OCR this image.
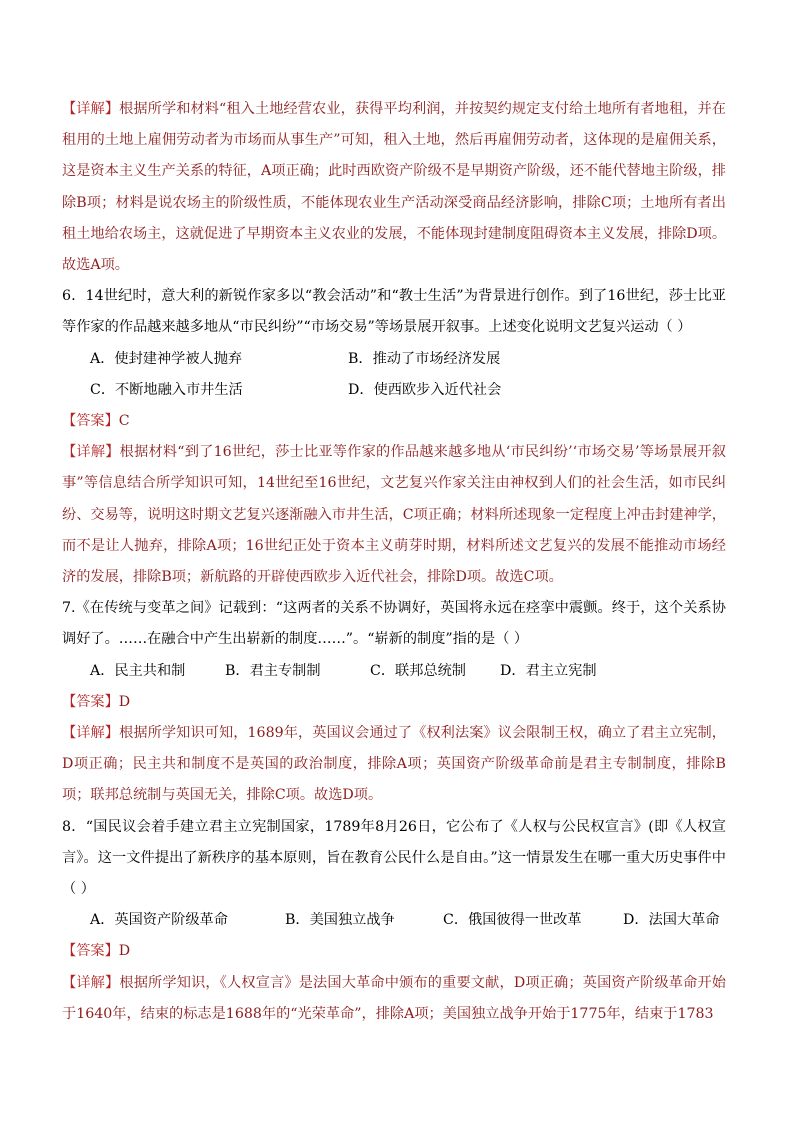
【详解】根据所学和材料“租入土地经营农业，获得平均利润，并按契约规定支付给土地所有者地租，并在租用的土地上雇佣劳动者为市场而从事生产”可知，租入土地，然后再雇佣劳动者，这体现的是雇佣关系，这是资本主义生产关系的特征，A项正确；此时西欧资产阶级不是早期资产阶级，还不能代替地主阶级，排除B项；材料是说农场主的阶级性质，不能体现农业生产活动深受商品经济影响，排除C项；土地所有者出租土地给农场主，这就促进了早期资本主义农业的发展，不能体现封建制度阻碍资本主义发展，排除D项。故选A项。

6．14世纪时，意大利的新锐作家多以“教会活动”和“教士生活”为背景进行创作。到了16世纪，莎士比亚等作家的作品越来越多地从“市民纠纷”“市场交易”等场景展开叙事。上述变化说明文艺复兴运动（ ）

A．使封建神学被人抛弃	B．推动了市场经济发展
C．不断地融入市井生活	D．使西欧步入近代社会

【答案】C

【详解】根据材料“到了16世纪，莎士比亚等作家的作品越来越多地从‘市民纠纷’‘市场交易’等场景展开叙事”等信息结合所学知识可知，14世纪至16世纪，文艺复兴作家关注由神权到人们的社会生活，如市民纠纷、交易等，说明这时期文艺复兴逐渐融入市井生活，C项正确；材料所述现象一定程度上冲击封建神学，而不是让人抛弃，排除A项；16世纪正处于资本主义萌芽时期，材料所述文艺复兴的发展不能推动市场经济的发展，排除B项；新航路的开辟使西欧步入近代社会，排除D项。故选C项。

7.《在传统与变革之间》记载到：“这两者的关系不协调好，英国将永远在痉挛中震颤。终于，这个关系协调好了。……在融合中产生出崭新的制度……”。“崭新的制度”指的是（ ）

A．民主共和制	B．君主专制制	C．联邦总统制	D．君主立宪制

【答案】D

【详解】根据所学知识可知，1689年，英国议会通过了《权利法案》议会限制王权，确立了君主立宪制，D项正确；民主共和制度不是英国的政治制度，排除A项；英国资产阶级革命前是君主专制制度，排除B项；联邦总统制与英国无关，排除C项。故选D项。

8．“国民议会着手建立君主立宪制国家，1789年8月26日，它公布了《人权与公民权宣言》(即《人权宣言》。这一文件提出了新秩序的基本原则，旨在教育公民什么是自由。”这一情景发生在哪一重大历史事件中（ ）

A．英国资产阶级革命	B．美国独立战争	C．俄国彼得一世改革	D．法国大革命

【答案】D

【详解】根据所学知识，《人权宣言》是法国大革命中颁布的重要文献，D项正确；英国资产阶级革命开始于1640年，结束的标志是1688年的“光荣革命”，排除A项；美国独立战争开始于1775年，结束于1783
